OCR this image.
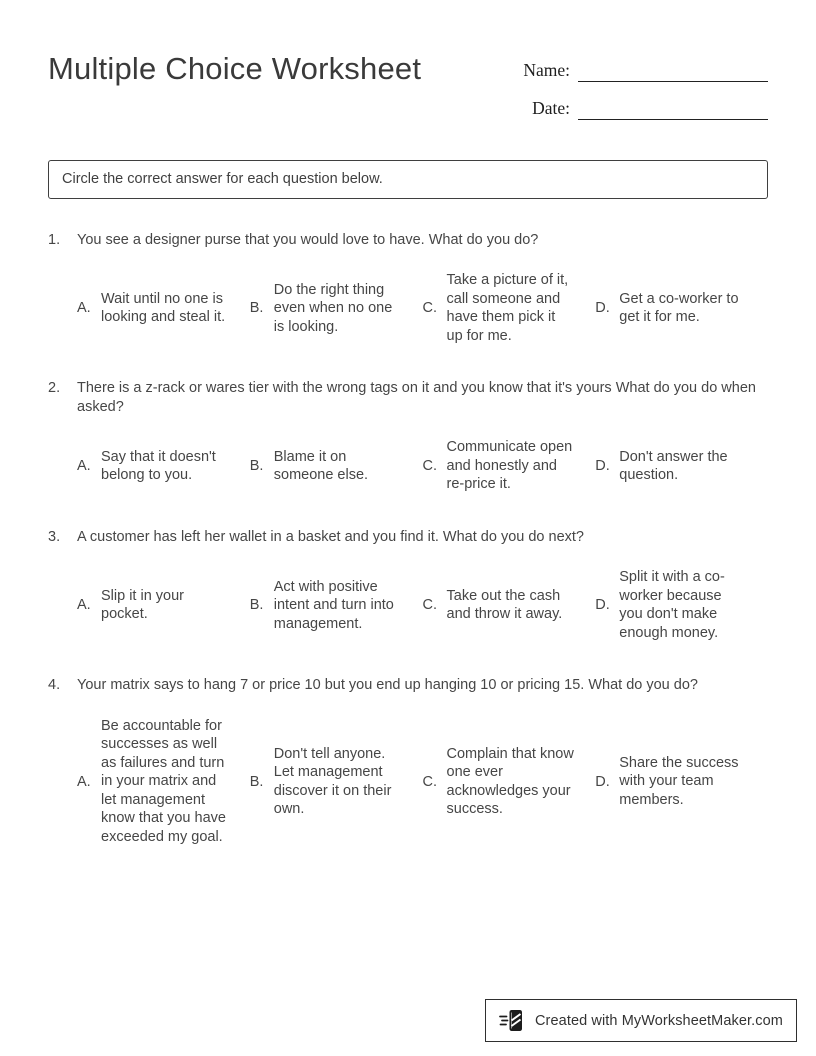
Multiple Choice Worksheet	Name:
Date:
Circle the correct answer for each question below.
1.	You see a designer purse that you would love to have. What do you do?
A.
Wait until no one is looking and steal it.
B.
Do the right thing even when no one is looking.
C.
Take a picture of it, call someone and have them pick it up for me.
D.
Get a co-worker to get it for me.
2.	There is a z-rack or wares tier with the wrong tags on it and you know that it's yours What do you do when asked?
A.
Say that it doesn't belong to you.
B.
Blame it on someone else.
C.
Communicate open and honestly and re-price it.
D.
Don't answer the question.
3.	A customer has left her wallet in a basket and you find it. What do you do next?
A.
Slip it in your pocket.
B.
Act with positive intent and turn into management.
C.
Take out the cash and throw it away.
D.
Split it with a co-worker because you don't make enough money.
4.	Your matrix says to hang 7 or price 10 but you end up hanging 10 or pricing 15. What do you do?
A.
Be accountable for successes as well as failures and turn in your matrix and let management know that you have exceeded my goal.
B.
Don't tell anyone. Let management discover it on their own.
C.
Complain that know one ever acknowledges your success.
D.
Share the success with your team members.
Created with MyWorksheetMaker.com
